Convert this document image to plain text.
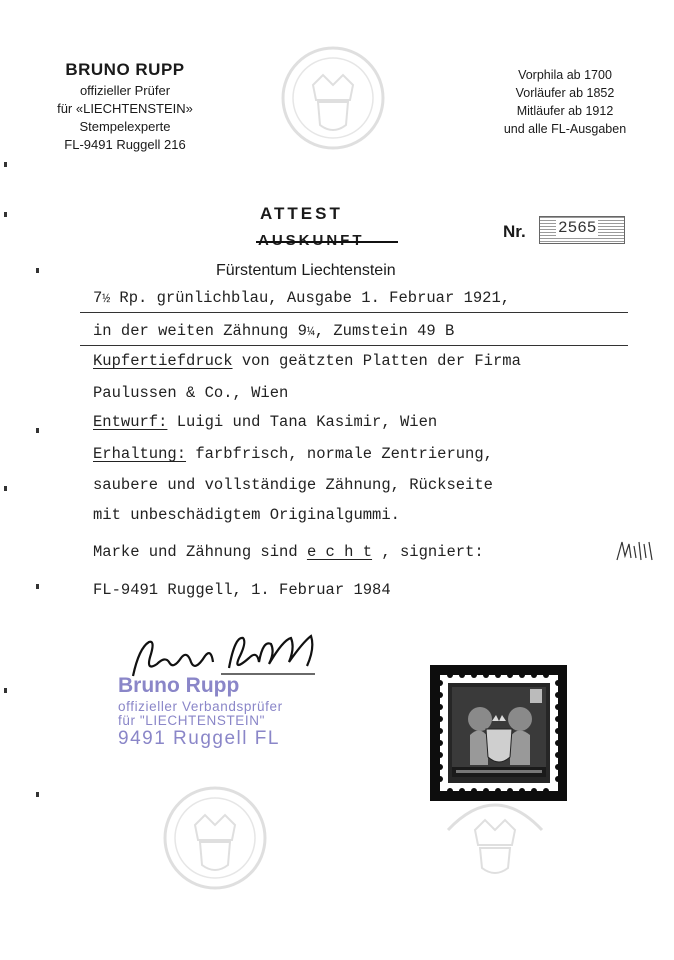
BRUNO RUPP
offizieller Prüfer
für «LIECHTENSTEIN»
Stempelexperte
FL-9491 Ruggell 216
Vorphila ab 1700
Vorläufer ab 1852
Mitläufer ab 1912
und alle FL-Ausgaben
ATTEST
Nr. 2565
Fürstentum Liechtenstein
7½ Rp. grünlichblau, Ausgabe 1. Februar 1921,
in der weiten Zähnung 9¼, Zumstein 49 B
Kupfertiefdruck von geätzten Platten der Firma
Paulussen & Co., Wien
Entwurf: Luigi und Tana Kasimir, Wien
Erhaltung: farbfrisch, normale Zentrierung,
saubere und vollständige Zähnung, Rückseite
mit unbeschädigtem Originalgummi.
Marke und Zähnung sind e c h t , signiert:
FL-9491 Ruggell, 1. Februar 1984
Bruno Rupp
offizieller Verbandsprüfer
für "LIECHTENSTEIN"
9491 Ruggell FL
